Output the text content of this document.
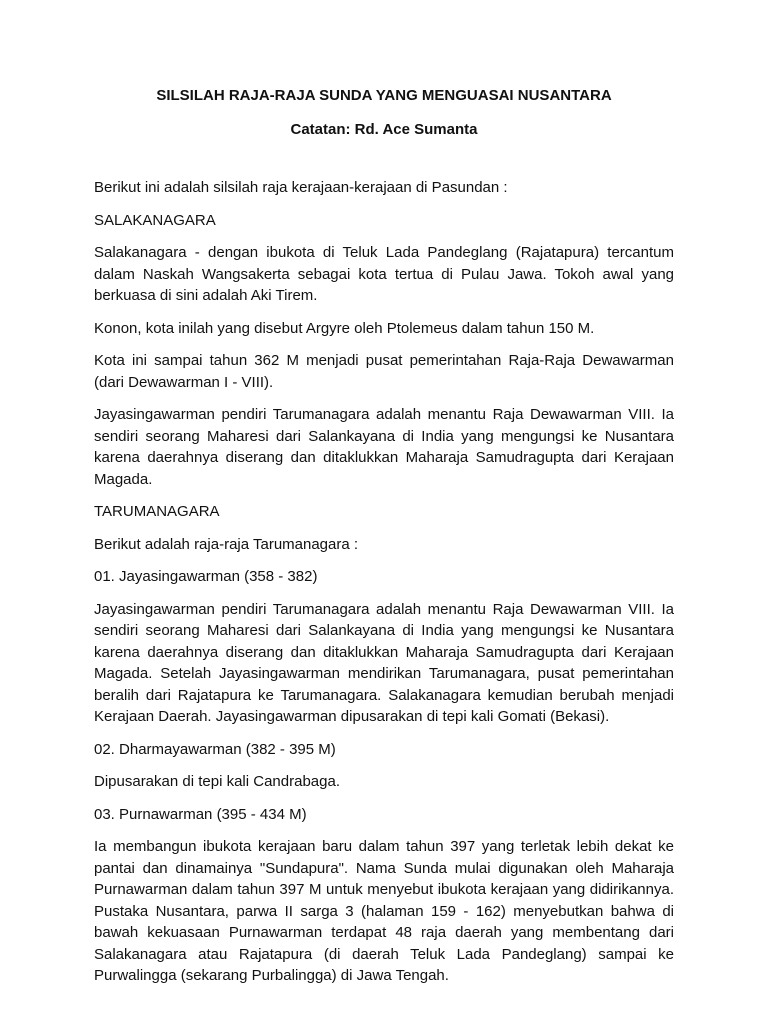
SILSILAH RAJA-RAJA SUNDA YANG MENGUASAI NUSANTARA
Catatan: Rd. Ace Sumanta

Berikut ini adalah silsilah raja kerajaan-kerajaan di Pasundan :

SALAKANAGARA

Salakanagara - dengan ibukota di Teluk Lada Pandeglang (Rajatapura) tercantum dalam Naskah Wangsakerta sebagai kota tertua di Pulau Jawa. Tokoh awal yang berkuasa di sini adalah Aki Tirem.

Konon, kota inilah yang disebut Argyre oleh Ptolemeus dalam tahun 150 M.

Kota ini sampai tahun 362 M menjadi pusat pemerintahan Raja-Raja Dewawarman (dari Dewawarman I - VIII).

Jayasingawarman pendiri Tarumanagara adalah menantu Raja Dewawarman VIII. Ia sendiri seorang Maharesi dari Salankayana di India yang mengungsi ke Nusantara karena daerahnya diserang dan ditaklukkan Maharaja Samudragupta dari Kerajaan Magada.

TARUMANAGARA

Berikut adalah raja-raja Tarumanagara :

01. Jayasingawarman (358 - 382)

Jayasingawarman pendiri Tarumanagara adalah menantu Raja Dewawarman VIII. Ia sendiri seorang Maharesi dari Salankayana di India yang mengungsi ke Nusantara karena daerahnya diserang dan ditaklukkan Maharaja Samudragupta dari Kerajaan Magada. Setelah Jayasingawarman mendirikan Tarumanagara, pusat pemerintahan beralih dari Rajatapura ke Tarumanagara. Salakanagara kemudian berubah menjadi Kerajaan Daerah. Jayasingawarman dipusarakan di tepi kali Gomati (Bekasi).

02. Dharmayawarman (382 - 395 M)

Dipusarakan di tepi kali Candrabaga.

03. Purnawarman (395 - 434 M)

Ia membangun ibukota kerajaan baru dalam tahun 397 yang terletak lebih dekat ke pantai dan dinamainya "Sundapura". Nama Sunda mulai digunakan oleh Maharaja Purnawarman dalam tahun 397 M untuk menyebut ibukota kerajaan yang didirikannya. Pustaka Nusantara, parwa II sarga 3 (halaman 159 - 162) menyebutkan bahwa di bawah kekuasaan Purnawarman terdapat 48 raja daerah yang membentang dari Salakanagara atau Rajatapura (di daerah Teluk Lada Pandeglang) sampai ke Purwalingga (sekarang Purbalingga) di Jawa Tengah.
